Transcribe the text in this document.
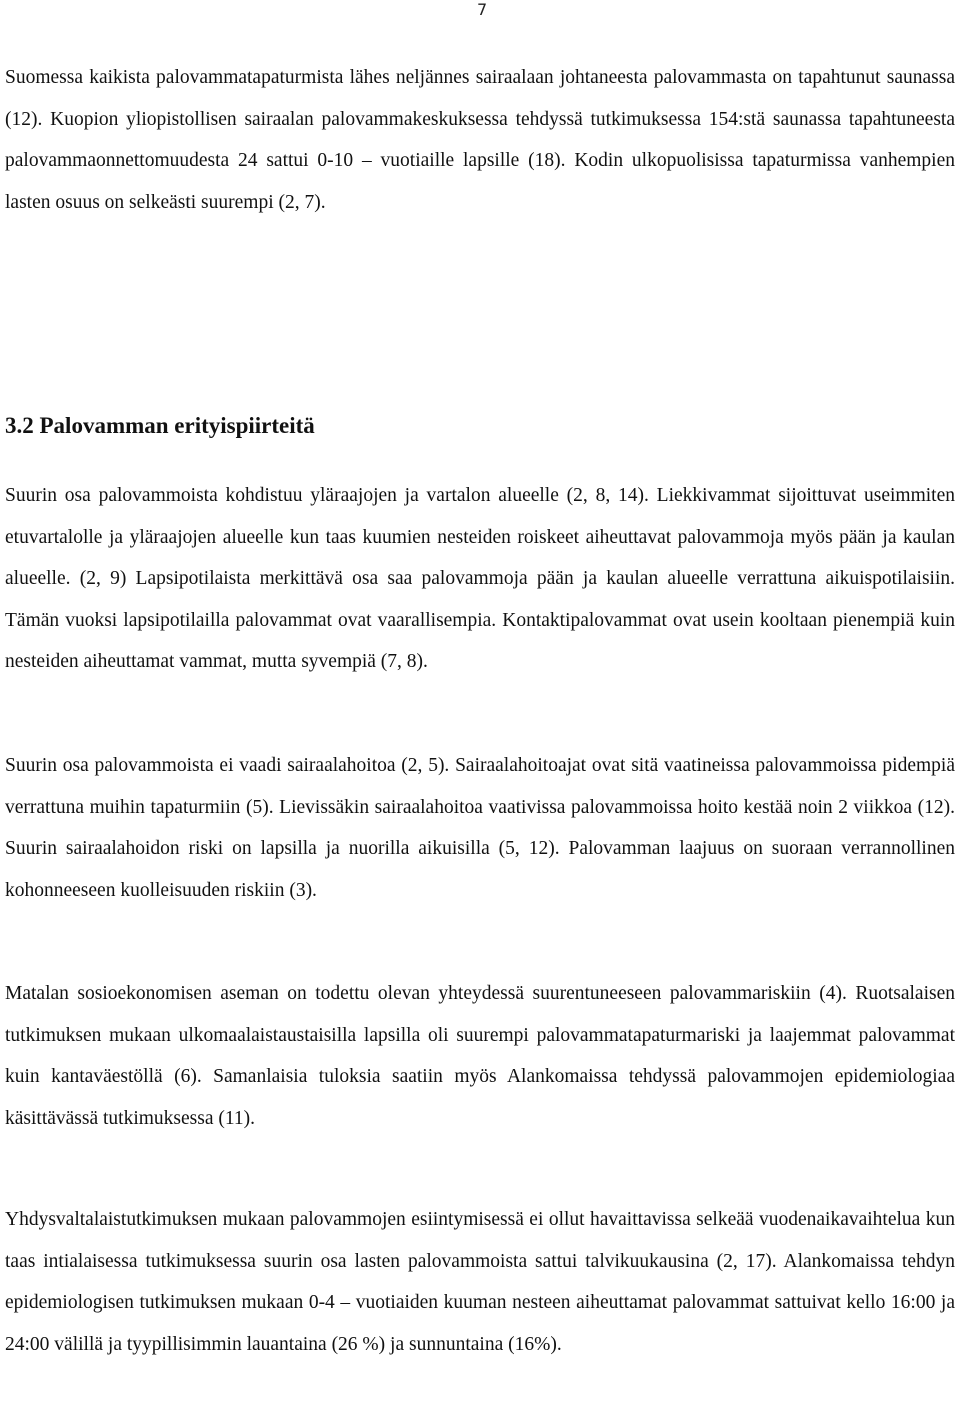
7

Suomessa kaikista palovammatapaturmista lähes neljännes sairaalaan johtaneesta palovammasta on tapahtunut saunassa (12). Kuopion yliopistollisen sairaalan palovammakeskuksessa tehdyssä tutkimuksessa 154:stä saunassa tapahtuneesta palovammaonnettomuudesta 24 sattui 0-10 – vuotiaille lapsille (18). Kodin ulkopuolisissa tapaturmissa vanhempien lasten osuus on selkeästi suurempi (2, 7).

3.2 Palovamman erityispiirteitä

Suurin osa palovammoista kohdistuu yläraajojen ja vartalon alueelle (2, 8, 14). Liekkivammat sijoittuvat useimmiten etuvartalolle ja yläraajojen alueelle kun taas kuumien nesteiden roiskeet aiheuttavat palovammoja myös pään ja kaulan alueelle. (2, 9) Lapsipotilaista merkittävä osa saa palovammoja pään ja kaulan alueelle verrattuna aikuispotilaisiin. Tämän vuoksi lapsipotilailla palovammat ovat vaarallisempia. Kontaktipalovammat ovat usein kooltaan pienempiä kuin nesteiden aiheuttamat vammat, mutta syvempiä (7, 8).

Suurin osa palovammoista ei vaadi sairaalahoitoa (2, 5). Sairaalahoitoajat ovat sitä vaatineissa palovammoissa pidempiä verrattuna muihin tapaturmiin (5). Lievissäkin sairaalahoitoa vaativissa palovammoissa hoito kestää noin 2 viikkoa (12). Suurin sairaalahoidon riski on lapsilla ja nuorilla aikuisilla (5, 12). Palovamman laajuus on suoraan verrannollinen kohonneeseen kuolleisuuden riskiin (3).

Matalan sosioekonomisen aseman on todettu olevan yhteydessä suurentuneeseen palovammariskiin (4). Ruotsalaisen tutkimuksen mukaan ulkomaalaistaustaisilla lapsilla oli suurempi palovammatapaturmariski ja laajemmat palovammat kuin kantaväestöllä (6). Samanlaisia tuloksia saatiin myös Alankomaissa tehdyssä palovammojen epidemiologiaa käsittävässä tutkimuksessa (11).

Yhdysvaltalaistutkimuksen mukaan palovammojen esiintymisessä ei ollut havaittavissa selkeää vuodenaikavaihtelua kun taas intialaisessa tutkimuksessa suurin osa lasten palovammoista sattui talvikuukausina (2, 17). Alankomaissa tehdyn epidemiologisen tutkimuksen mukaan 0-4 – vuotiaiden kuuman nesteen aiheuttamat palovammat sattuivat kello 16:00 ja 24:00 välillä ja tyypillisimmin lauantaina (26 %) ja sunnuntaina (16%).
